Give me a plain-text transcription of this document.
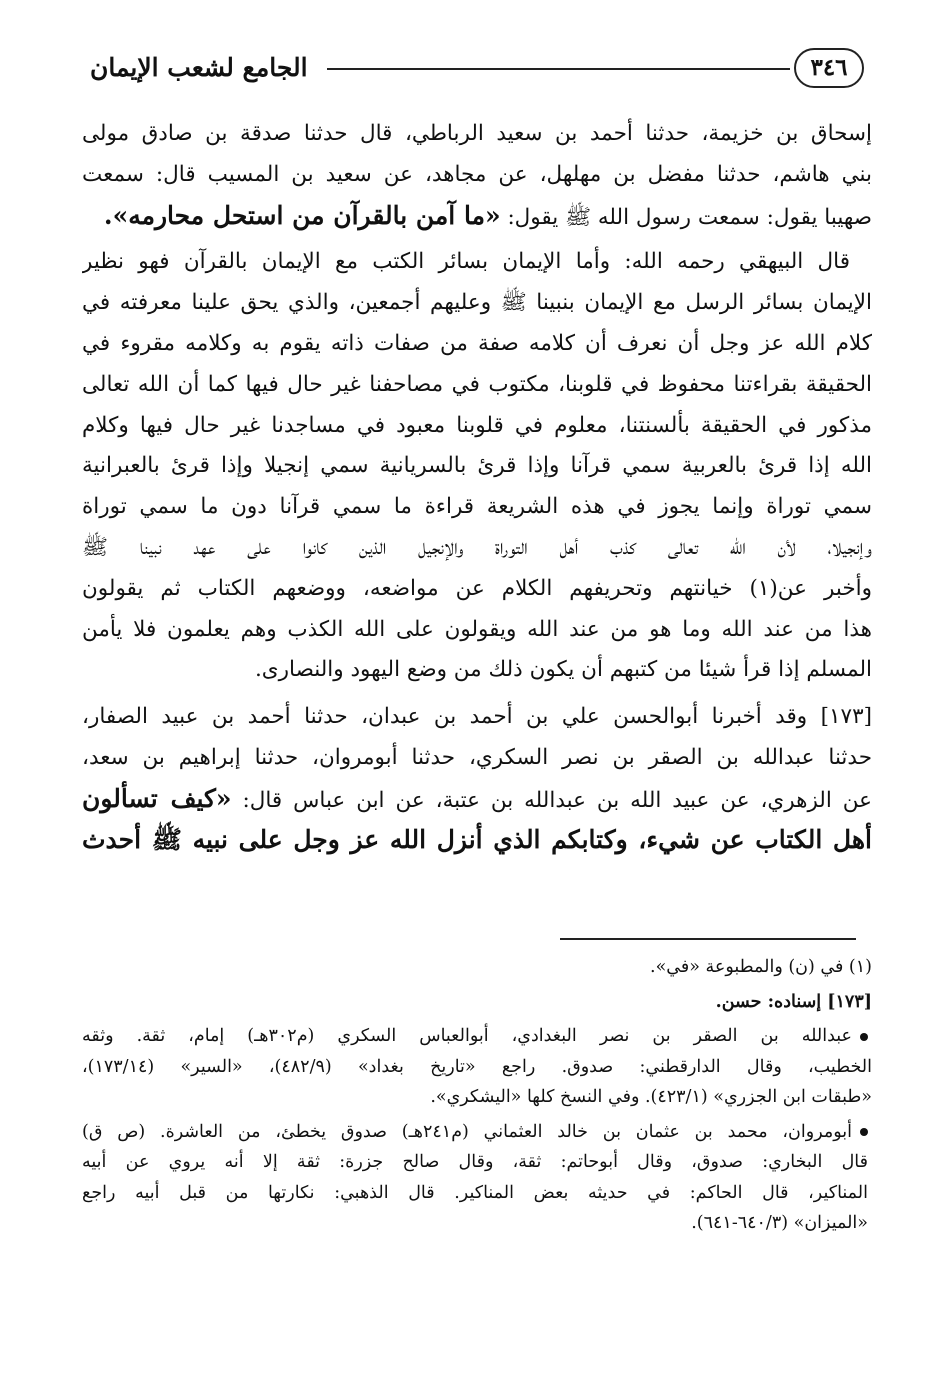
الجامع لشعب الإيمان	٣٤٦
إسحاق بن خزيمة، حدثنا أحمد بن سعيد الرباطي، قال حدثنا صدقة بن صادق مولى
بني هاشم، حدثنا مفضل بن مهلهل، عن مجاهد، عن سعيد بن المسيب قال: سمعت
صهيبا يقول: سمعت رسول الله ﷺ يقول: «ما آمن بالقرآن من استحل محارمه».
قال البيهقي رحمه الله: وأما الإيمان بسائر الكتب مع الإيمان بالقرآن فهو نظير
الإيمان بسائر الرسل مع الإيمان بنبينا ﷺ وعليهم أجمعين، والذي يحق علينا معرفته في
كلام الله عز وجل أن نعرف أن كلامه صفة من صفات ذاته يقوم به وكلامه مقروء في
الحقيقة بقراءتنا محفوظ في قلوبنا، مكتوب في مصاحفنا غير حال فيها كما أن الله تعالى
مذكور في الحقيقة بألسنتنا، معلوم في قلوبنا معبود في مساجدنا غير حال فيها وكلام
الله إذا قرئ بالعربية سمي قرآنا وإذا قرئ بالسريانية سمي إنجيلا وإذا قرئ بالعبرانية
سمي توراة وإنما يجوز في هذه الشريعة قراءة ما سمي قرآنا دون ما سمي توراة
وإنجيلا، لأن الله تعالى كذب أهل التوراة والإنجيل الذين كانوا على عهد نبينا ﷺ
وأخبر عن(١) خيانتهم وتحريفهم الكلام عن مواضعه، ووضعهم الكتاب ثم يقولون
هذا من عند الله وما هو من عند الله ويقولون على الله الكذب وهم يعلمون فلا يأمن
المسلم إذا قرأ شيئا من كتبهم أن يكون ذلك من وضع اليهود والنصارى.
[١٧٣] وقد أخبرنا أبوالحسن علي بن أحمد بن عبدان، حدثنا أحمد بن عبيد الصفار،
حدثنا عبدالله بن الصقر بن نصر السكري، حدثنا أبومروان، حدثنا إبراهيم بن سعد،
عن الزهري، عن عبيد الله بن عبدالله بن عتبة، عن ابن عباس قال: «كيف تسألون
أهل الكتاب عن شيء، وكتابكم الذي أنزل الله عز وجل على نبيه ﷺ أحدث
(١) في (ن) والمطبوعة «في».
[١٧٣] إسناده: حسن.
عبدالله بن الصقر بن نصر البغدادي، أبوالعباس السكري (م٣٠٢هـ) إمام، ثقة. وثقه
الخطيب، وقال الدارقطني: صدوق. راجع «تاريخ بغداد» (٤٨٢/٩)، «السير» (١٧٣/١٤)،
«طبقات ابن الجزري» (٤٢٣/١). وفي النسخ كلها «اليشكري».
أبومروان، محمد بن عثمان بن خالد العثماني (م٢٤١هـ) صدوق يخطئ، من العاشرة. (ص ق)
قال البخاري: صدوق، وقال أبوحاتم: ثقة، وقال صالح جزرة: ثقة إلا أنه يروي عن أبيه
المناكير، قال الحاكم: في حديثه بعض المناكير. قال الذهبي: نكارتها من قبل أبيه راجع
«الميزان» (٦٤٠/٣-٦٤١).
